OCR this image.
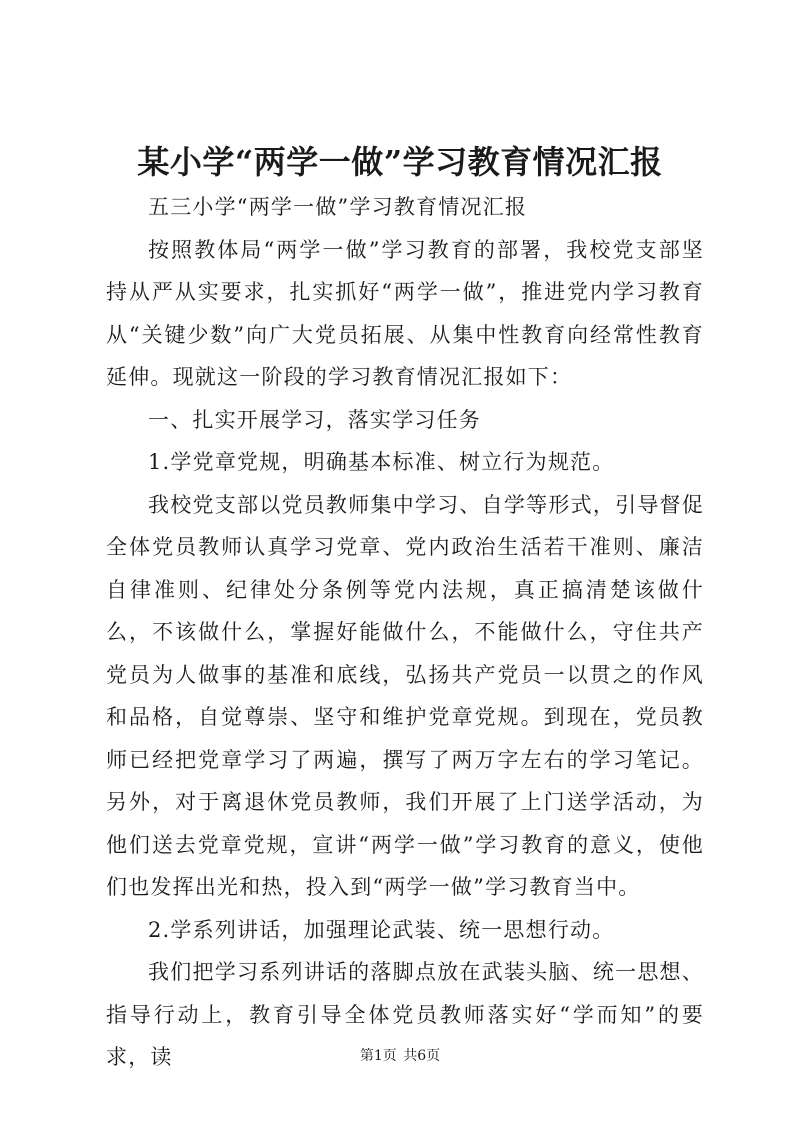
某小学“两学一做”学习教育情况汇报

五三小学“两学一做”学习教育情况汇报

按照教体局“两学一做”学习教育的部署，我校党支部坚持从严从实要求，扎实抓好“两学一做”，推进党内学习教育从“关键少数”向广大党员拓展、从集中性教育向经常性教育延伸。现就这一阶段的学习教育情况汇报如下：

一、扎实开展学习，落实学习任务

1.学党章党规，明确基本标准、树立行为规范。

我校党支部以党员教师集中学习、自学等形式，引导督促全体党员教师认真学习党章、党内政治生活若干准则、廉洁自律准则、纪律处分条例等党内法规，真正搞清楚该做什么，不该做什么，掌握好能做什么，不能做什么，守住共产党员为人做事的基准和底线，弘扬共产党员一以贯之的作风和品格，自觉尊崇、坚守和维护党章党规。到现在，党员教师已经把党章学习了两遍，撰写了两万字左右的学习笔记。另外，对于离退休党员教师，我们开展了上门送学活动，为他们送去党章党规，宣讲“两学一做”学习教育的意义，使他们也发挥出光和热，投入到“两学一做”学习教育当中。

2.学系列讲话，加强理论武装、统一思想行动。

我们把学习系列讲话的落脚点放在武装头脑、统一思想、指导行动上，教育引导全体党员教师落实好“学而知”的要求，读	第1页 共6页
